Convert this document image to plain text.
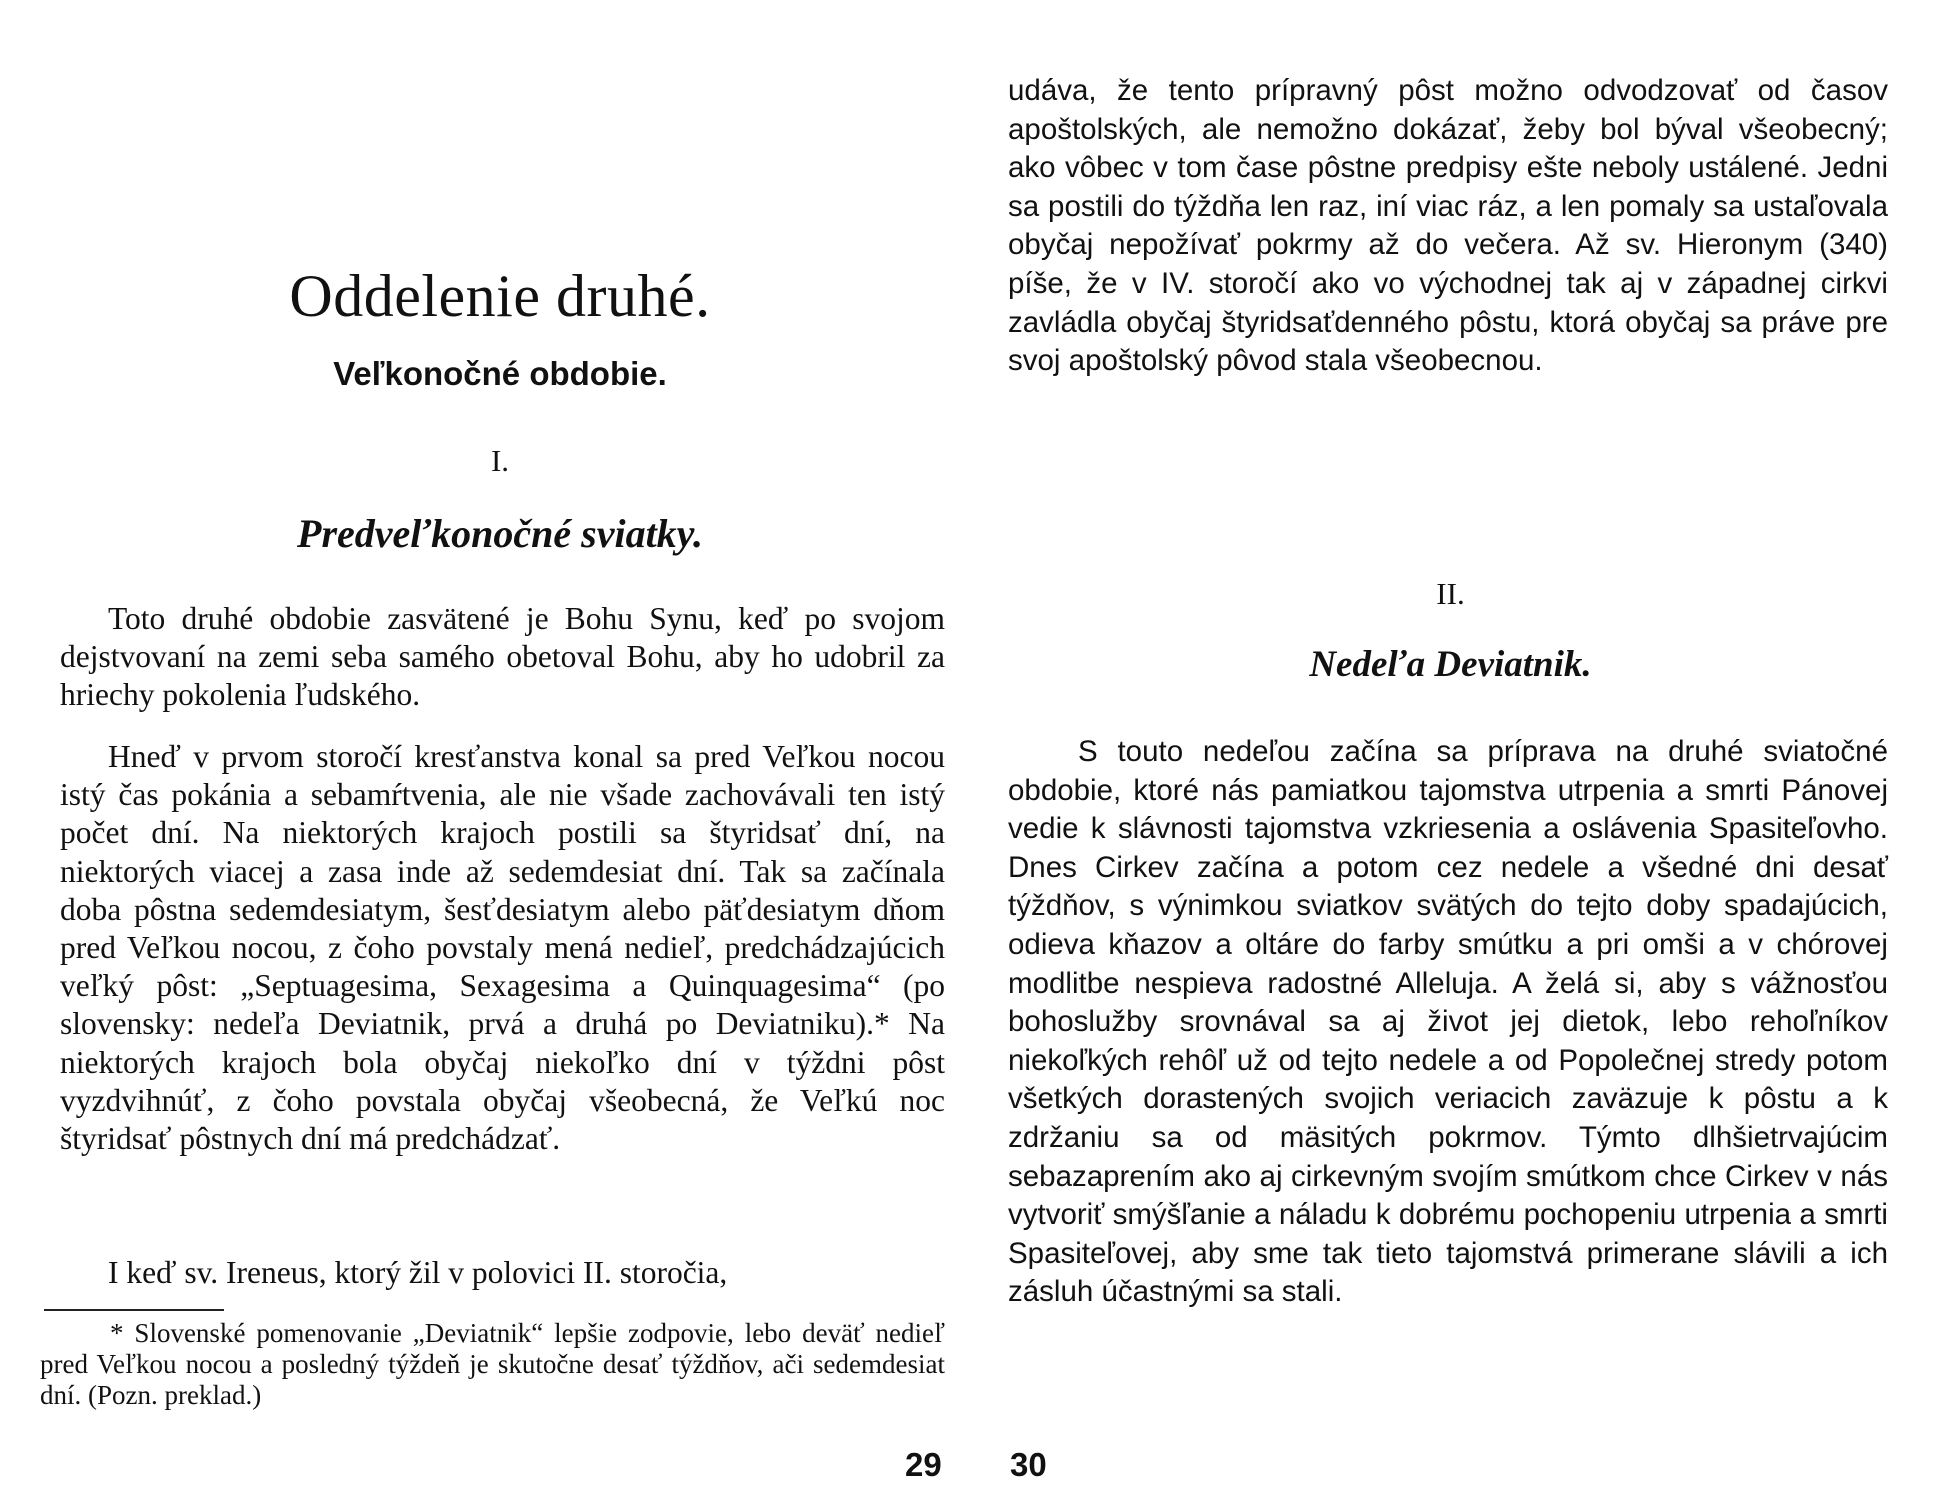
Oddelenie druhé.
Veľkonočné obdobie.
I.
Predveľkonočné sviatky.

Toto druhé obdobie zasvätené je Bohu Synu, keď po svojom dejstvovaní na zemi seba samého obetoval Bohu, aby ho udobril za hriechy pokolenia ľudského.

Hneď v prvom storočí kresťanstva konal sa pred Veľkou nocou istý čas pokánia a sebamŕtvenia, ale nie všade zachovávali ten istý počet dní. Na niektorých krajoch postili sa štyridsať dní, na niektorých viacej a zasa inde až sedemdesiat dní. Tak sa začínala doba pôstna sedemdesiatym, šesťdesiatym alebo päťdesiatym dňom pred Veľkou nocou, z čoho povstaly mená nedieľ, predchádzajúcich veľký pôst: „Septuagesima, Sexagesima a Quinquagesima“ (po slovensky: nedeľa Deviatnik, prvá a druhá po Deviatniku).* Na niektorých krajoch bola obyčaj niekoľko dní v týždni pôst vyzdvihnúť, z čoho povstala obyčaj všeobecná, že Veľkú noc štyridsať pôstnych dní má predchádzať.

I keď sv. Ireneus, ktorý žil v polovici II. storočia,

* Slovenské pomenovanie „Deviatnik“ lepšie zodpovie, lebo deväť nedieľ pred Veľkou nocou a posledný týždeň je skutočne desať týždňov, ači sedemdesiat dní. (Pozn. preklad.)

29

udáva, že tento prípravný pôst možno odvodzovať od časov apoštolských, ale nemožno dokázať, žeby bol býval všeobecný; ako vôbec v tom čase pôstne predpisy ešte neboly ustálené. Jedni sa postili do týždňa len raz, iní viac ráz, a len pomaly sa ustaľovala obyčaj nepožívať pokrmy až do večera. Až sv. Hieronym (340) píše, že v IV. storočí ako vo východnej tak aj v západnej cirkvi zavládla obyčaj štyridsaťdenného pôstu, ktorá obyčaj sa práve pre svoj apoštolský pôvod stala všeobecnou.

II.
Nedeľa Deviatnik.

S touto nedeľou začína sa príprava na druhé sviatočné obdobie, ktoré nás pamiatkou tajomstva utrpenia a smrti Pánovej vedie k slávnosti tajomstva vzkriesenia a oslávenia Spasiteľovho. Dnes Cirkev začína a potom cez nedele a všedné dni desať týždňov, s výnimkou sviatkov svätých do tejto doby spadajúcich, odieva kňazov a oltáre do farby smútku a pri omši a v chórovej modlitbe nespieva radostné Alleluja. A želá si, aby s vážnosťou bohoslužby srovnával sa aj život jej dietok, lebo rehoľníkov niekoľkých rehôľ už od tejto nedele a od Popolečnej stredy potom všetkých dorastených svojich veriacich zaväzuje k pôstu a k zdržaniu sa od mäsitých pokrmov. Týmto dlhšietrvajúcim sebazaprením ako aj cirkevným svojím smútkom chce Cirkev v nás vytvoriť smýšľanie a náladu k dobrému pochopeniu utrpenia a smrti Spasiteľovej, aby sme tak tieto tajomstvá primerane slávili a ich zásluh účastnými sa stali.

30
